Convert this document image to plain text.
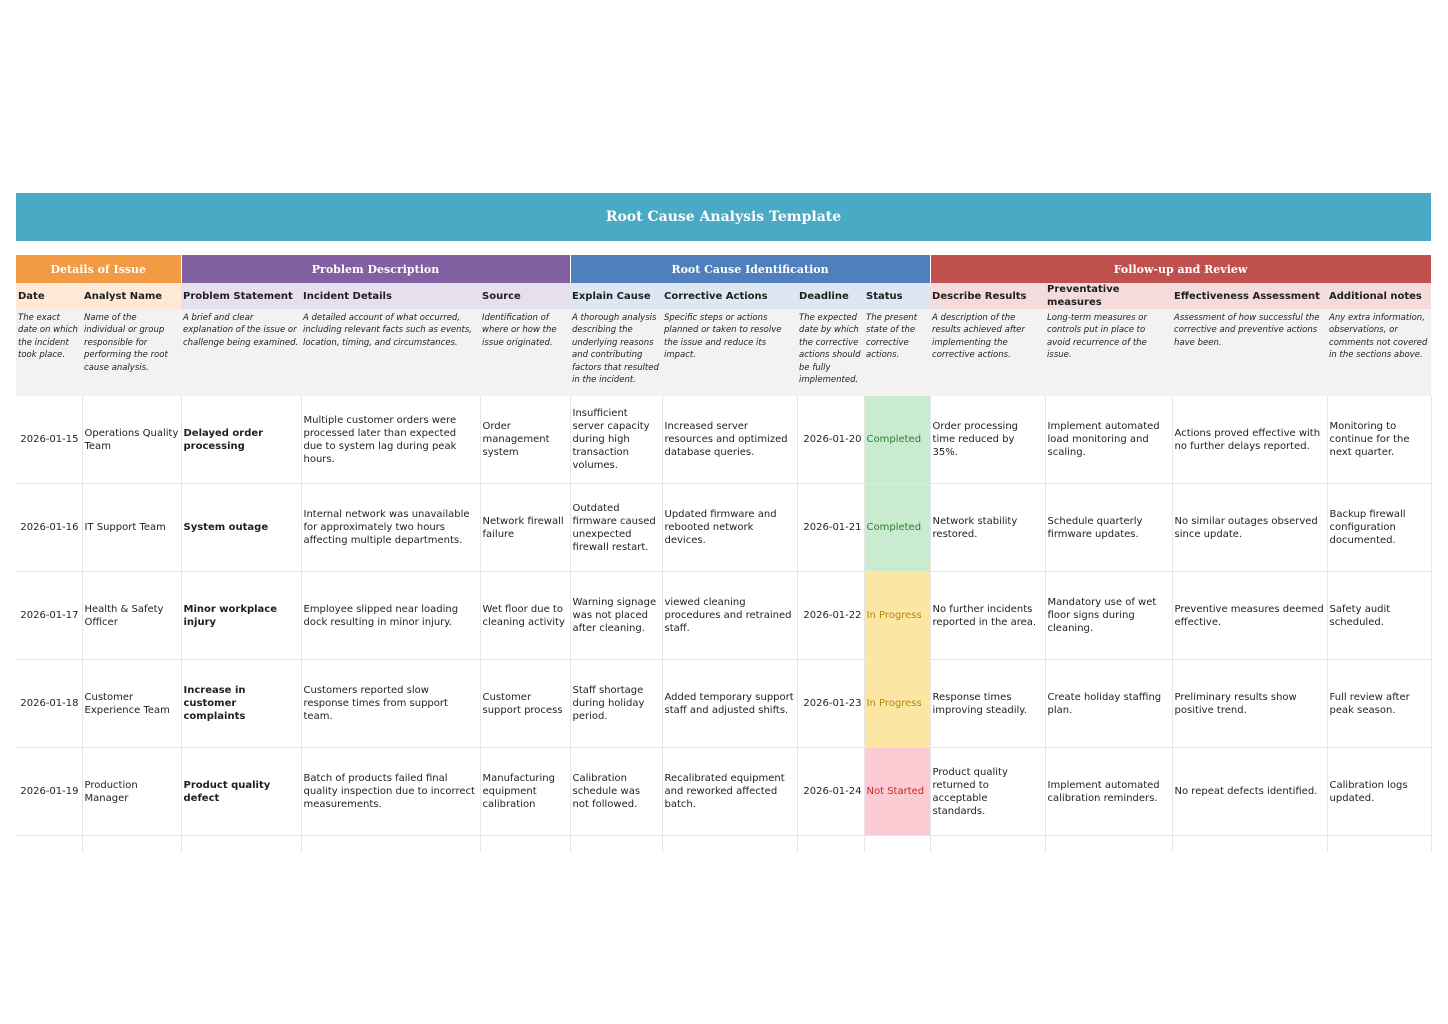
Root Cause Analysis Template
Details of Issue		Problem Description			Root Cause Identification				Follow-up and Review			
Date	Analyst Name	Problem Statement	Incident Details	Source	Explain Cause	Corrective Actions	Deadline	Status	Describe Results	Preventative measures	Effectiveness Assessment	Additional notes
The exact date on which the incident took place.	Name of the individual or group responsible for performing the root cause analysis.	A brief and clear explanation of the issue or challenge being examined.	A detailed account of what occurred, including relevant facts such as events, location, timing, and circumstances.	Identification of where or how the issue originated.	A thorough analysis describing the underlying reasons and contributing factors that resulted in the incident.	Specific steps or actions planned or taken to resolve the issue and reduce its impact.	The expected date by which the corrective actions should be fully implemented.	The present state of the corrective actions.	A description of the results achieved after implementing the corrective actions.	Long-term measures or controls put in place to avoid recurrence of the issue.	Assessment of how successful the corrective and preventive actions have been.	Any extra information, observations, or comments not covered in the sections above.
2026-01-15	Operations Quality Team	Delayed order processing	Multiple customer orders were processed later than expected due to system lag during peak hours.	Order management system	Insufficient server capacity during high transaction volumes.	Increased server resources and optimized database queries.	2026-01-20	Completed	Order processing time reduced by 35%.	Implement automated load monitoring and scaling.	Actions proved effective with no further delays reported.	Monitoring to continue for the next quarter.
2026-01-16	IT Support Team	System outage	Internal network was unavailable for approximately two hours affecting multiple departments.	Network firewall failure	Outdated firmware caused unexpected firewall restart.	Updated firmware and rebooted network devices.	2026-01-21	Completed	Network stability restored.	Schedule quarterly firmware updates.	No similar outages observed since update.	Backup firewall configuration documented.
2026-01-17	Health & Safety Officer	Minor workplace injury	Employee slipped near loading dock resulting in minor injury.	Wet floor due to cleaning activity	Warning signage was not placed after cleaning.	viewed cleaning procedures and retrained staff.	2026-01-22	In Progress	No further incidents reported in the area.	Mandatory use of wet floor signs during cleaning.	Preventive measures deemed effective.	Safety audit scheduled.
2026-01-18	Customer Experience Team	Increase in customer complaints	Customers reported slow response times from support team.	Customer support process	Staff shortage during holiday period.	Added temporary support staff and adjusted shifts.	2026-01-23	In Progress	Response times improving steadily.	Create holiday staffing plan.	Preliminary results show positive trend.	Full review after peak season.
2026-01-19	Production Manager	Product quality defect	Batch of products failed final quality inspection due to incorrect measurements.	Manufacturing equipment calibration	Calibration schedule was not followed.	Recalibrated equipment and reworked affected batch.	2026-01-24	Not Started	Product quality returned to acceptable standards.	Implement automated calibration reminders.	No repeat defects identified.	Calibration logs updated.
